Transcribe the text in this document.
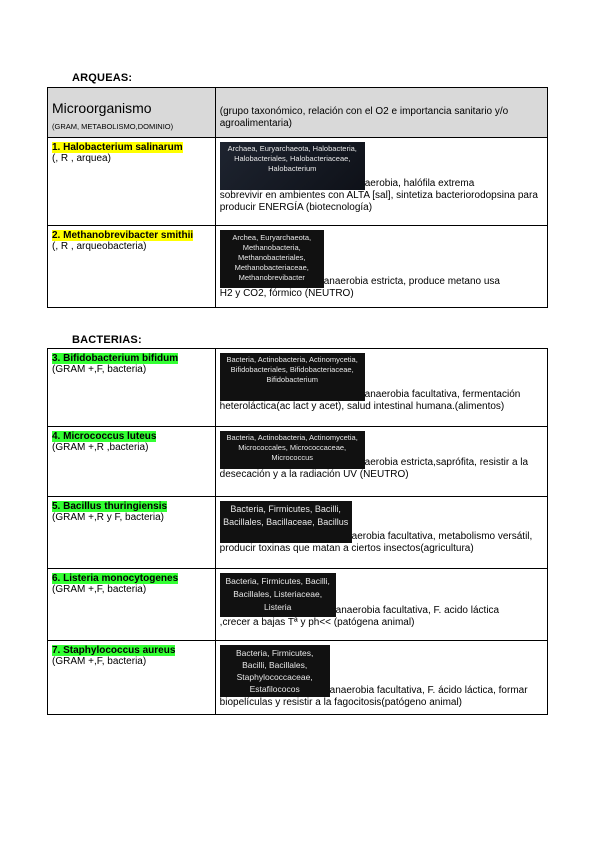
ARQUEAS:
Microorganismo
(GRAM, METABOLISMO,DOMINIO)	(grupo taxonómico, relación con el O2 e importancia sanitario y/o agroalimentaria)
1. Halobacterium salinarum
(, R , arquea)	Archaea, Euryarchaeota, Halobacteria, Halobacteriales, Halobacteriaceae, Halobacteriumaerobia, halófila extrema
sobrevivir en ambientes con ALTA [sal], sintetiza bacteriorodopsina para producir ENERGÍA (biotecnología)
2. Methanobrevibacter smithii
(, R , arqueobacteria)	Archea, Euryarchaeota, Methanobacteria, Methanobacteriales, Methanobacteriaceae, Methanobrevibacter anaerobia estricta, produce metano usa
H2 y CO2, fórmico (NEUTRO)
BACTERIAS:
3. Bifidobacterium bifidum
(GRAM +,F, bacteria)	Bacteria, Actinobacteria, Actinomycetia, Bifidobacteriales, Bifidobacteriaceae, Bifidobacteriumanaerobia facultativa, fermentación
heteroláctica(ac lact y acet), salud intestinal humana.(alimentos)
4. Micrococcus luteus
(GRAM +,R ,bacteria)	Bacteria, Actinobacteria, Actinomycetia, Micrococcales, Micrococcaceae, Micrococcus aerobia estricta,saprófita, resistir a la
desecación y a la radiación UV (NEUTRO)
5. Bacillus thuringiensis
(GRAM +,R y F, bacteria)	Bacteria, Firmicutes, Bacilli, Bacillales, Bacillaceae, Bacillusaerobia facultativa, metabolismo versátil,
producir toxinas que matan a ciertos insectos(agricultura)
6. Listeria monocytogenes
(GRAM +,F, bacteria)	Bacteria, Firmicutes, Bacilli, Bacillales, Listeriaceae, Listeria anaerobia facultativa, F. acido láctica
,crecer a bajas Tª y ph<< (patógena animal)
7. Staphylococcus aureus
(GRAM +,F, bacteria)	Bacteria, Firmicutes, Bacilli, Bacillales, Staphylococcaceae, Estafilococos anaerobia facultativa, F. ácido láctica, formar
biopelículas y resistir a la fagocitosis(patógeno animal)
